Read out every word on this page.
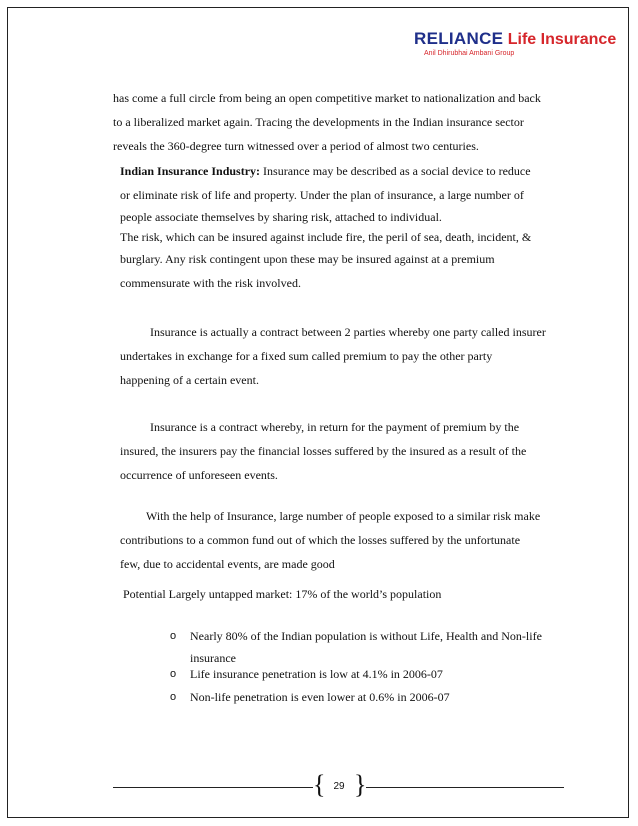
RELIANCE Life Insurance
Anil Dhirubhai Ambani Group

has come a full circle from being an open competitive market to nationalization and back

to a liberalized market again. Tracing the developments in the Indian insurance sector

reveals the 360-degree turn witnessed over a period of almost two centuries.

Indian Insurance Industry: Insurance may be described as a social device to reduce

or eliminate risk of life and property. Under the plan of insurance, a large number of

people associate themselves by sharing risk, attached to individual.

The risk, which can be insured against include fire, the peril of sea, death, incident, &

burglary. Any risk contingent upon these may be insured against at a premium

commensurate with the risk involved.

Insurance is actually a contract between 2 parties whereby one party called insurer

undertakes in exchange for a fixed sum called premium to pay the other party

happening of a certain event.

Insurance is a contract whereby, in return for the payment of premium by the

insured, the insurers pay the financial losses suffered by the insured as a result of the

occurrence of unforeseen events.

With the help of Insurance, large number of people exposed to a similar risk make

contributions to a common fund out of which the losses suffered by the unfortunate

few, due to accidental events, are made good

Potential Largely untapped market: 17% of the world’s population

o Nearly 80% of the Indian population is without Life, Health and Non-life
insurance
o Life insurance penetration is low at 4.1% in 2006-07
o Non-life penetration is even lower at 0.6% in 2006-07
{ }
29
